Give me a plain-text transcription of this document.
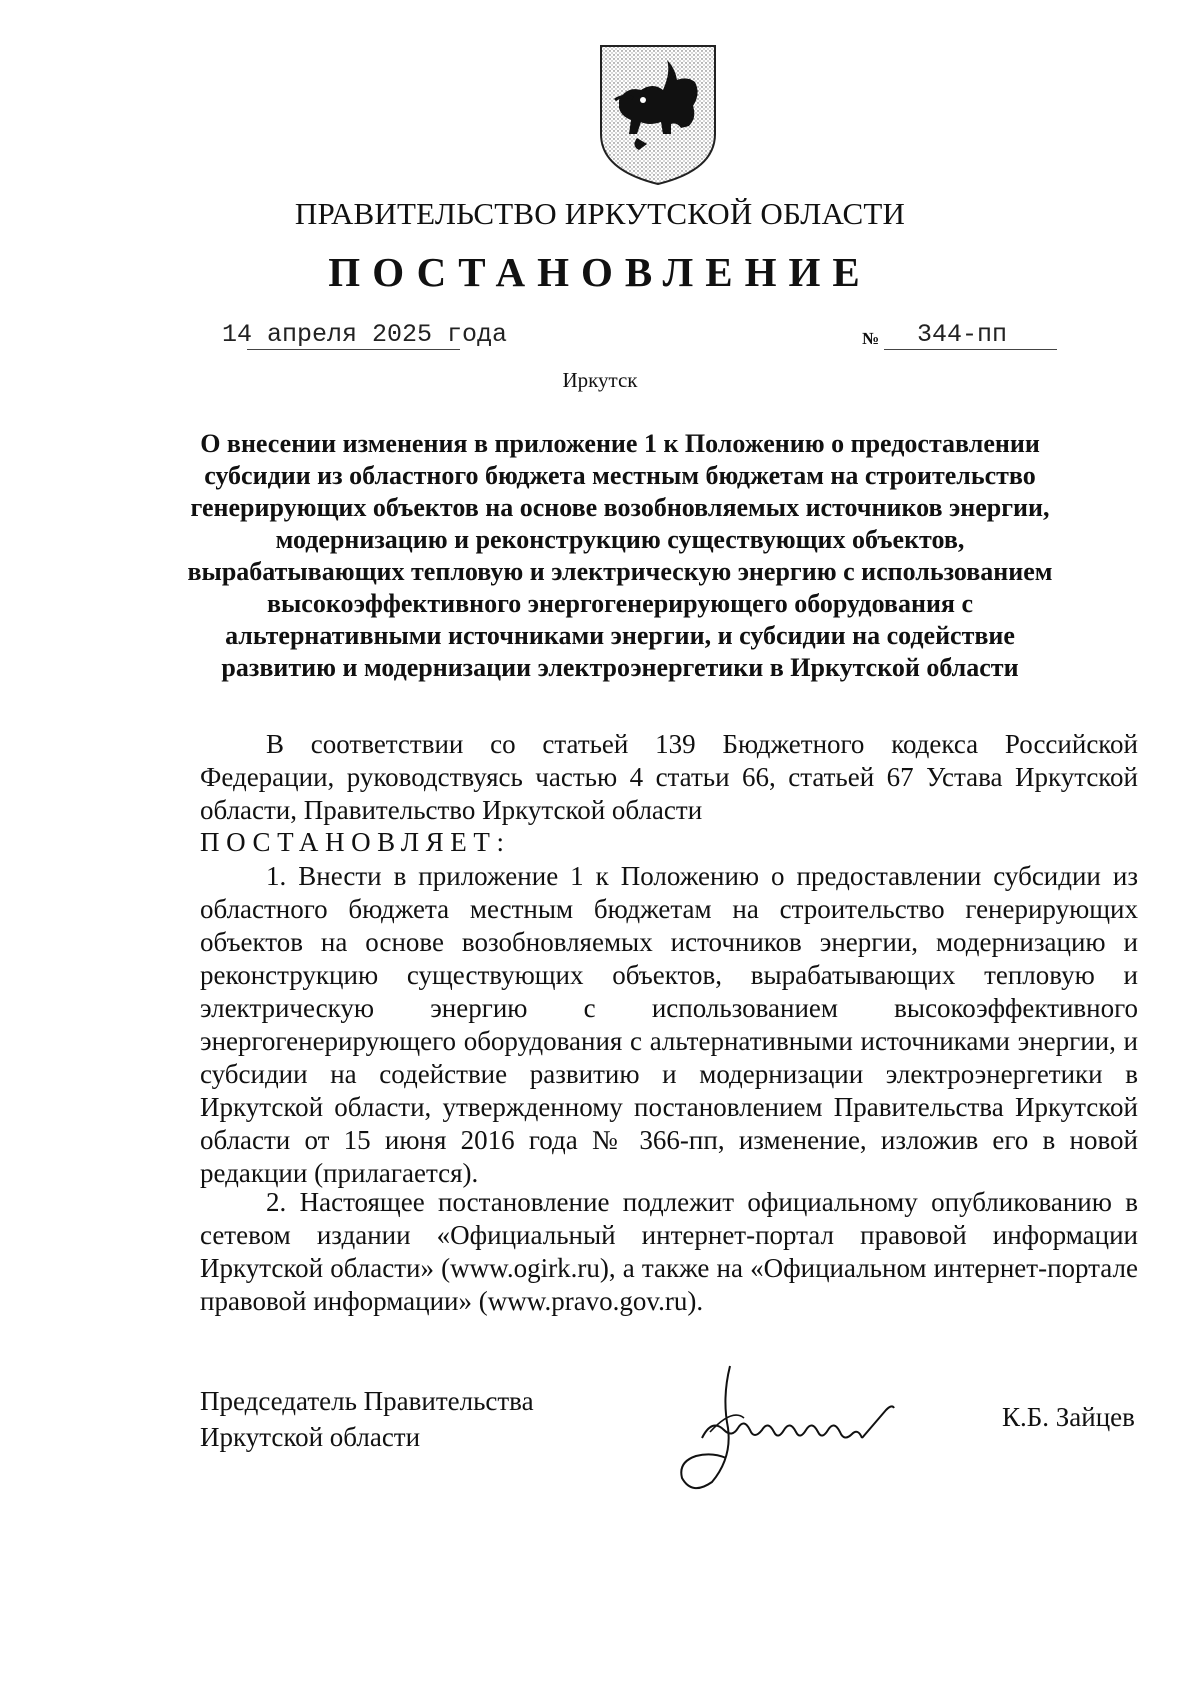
ПРАВИТЕЛЬСТВО ИРКУТСКОЙ ОБЛАСТИ
ПОСТАНОВЛЕНИЕ
14 апреля 2025 года	№ 344-пп
Иркутск
О внесении изменения в приложение 1 к Положению о предоставлении
субсидии из областного бюджета местным бюджетам на строительство
генерирующих объектов на основе возобновляемых источников энергии,
модернизацию и реконструкцию существующих объектов,
вырабатывающих тепловую и электрическую энергию с использованием
высокоэффективного энергогенерирующего оборудования с
альтернативными источниками энергии, и субсидии на содействие
развитию и модернизации электроэнергетики в Иркутской области

В соответствии со статьей 139 Бюджетного кодекса Российской Федерации, руководствуясь частью 4 статьи 66, статьей 67 Устава Иркутской области, Правительство Иркутской области

ПОСТАНОВЛЯЕТ:

1. Внести в приложение 1 к Положению о предоставлении субсидии из областного бюджета местным бюджетам на строительство генерирующих объектов на основе возобновляемых источников энергии, модернизацию и реконструкцию существующих объектов, вырабатывающих тепловую и электрическую энергию с использованием высокоэффективного энергогенерирующего оборудования с альтернативными источниками энергии, и субсидии на содействие развитию и модернизации электроэнергетики в Иркутской области, утвержденному постановлением Правительства Иркутской области от 15 июня 2016 года № 366-пп, изменение, изложив его в новой редакции (прилагается).

2. Настоящее постановление подлежит официальному опубликованию в сетевом издании «Официальный интернет-портал правовой информации Иркутской области» (www.ogirk.ru), а также на «Официальном интернет-портале правовой информации» (www.pravo.gov.ru).

Председатель Правительства
Иркутской области
К.Б. Зайцев
